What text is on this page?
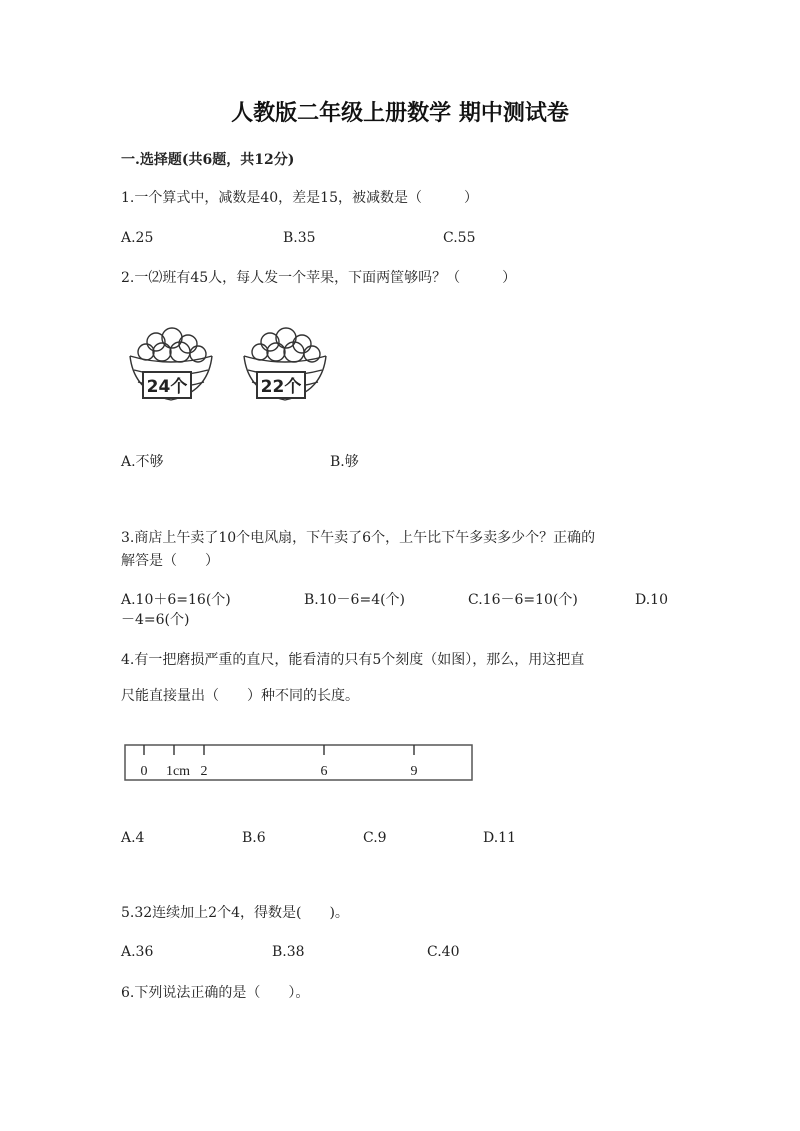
人教版二年级上册数学 期中测试卷
一.选择题(共6题，共12分)
1.一个算式中，减数是40，差是15，被减数是（　　　）
A.25	B.35	C.55
2.一⑵班有45人，每人发一个苹果，下面两筐够吗？（　　　）
24个	22个
A.不够	B.够
3.商店上午卖了10个电风扇，下午卖了6个，上午比下午多卖多少个？正确的
解答是（　　）
A.10＋6=16(个)	B.10－6=4(个)	C.16－6=10(个)	D.10
－4=6(个)
4.有一把磨损严重的直尺，能看清的只有5个刻度（如图），那么，用这把直
尺能直接量出（　　）种不同的长度。
0 1cm 2	6	9
A.4	B.6	C.9	D.11
5.32连续加上2个4，得数是(　　)。
A.36	B.38	C.40
6.下列说法正确的是（　　）。
